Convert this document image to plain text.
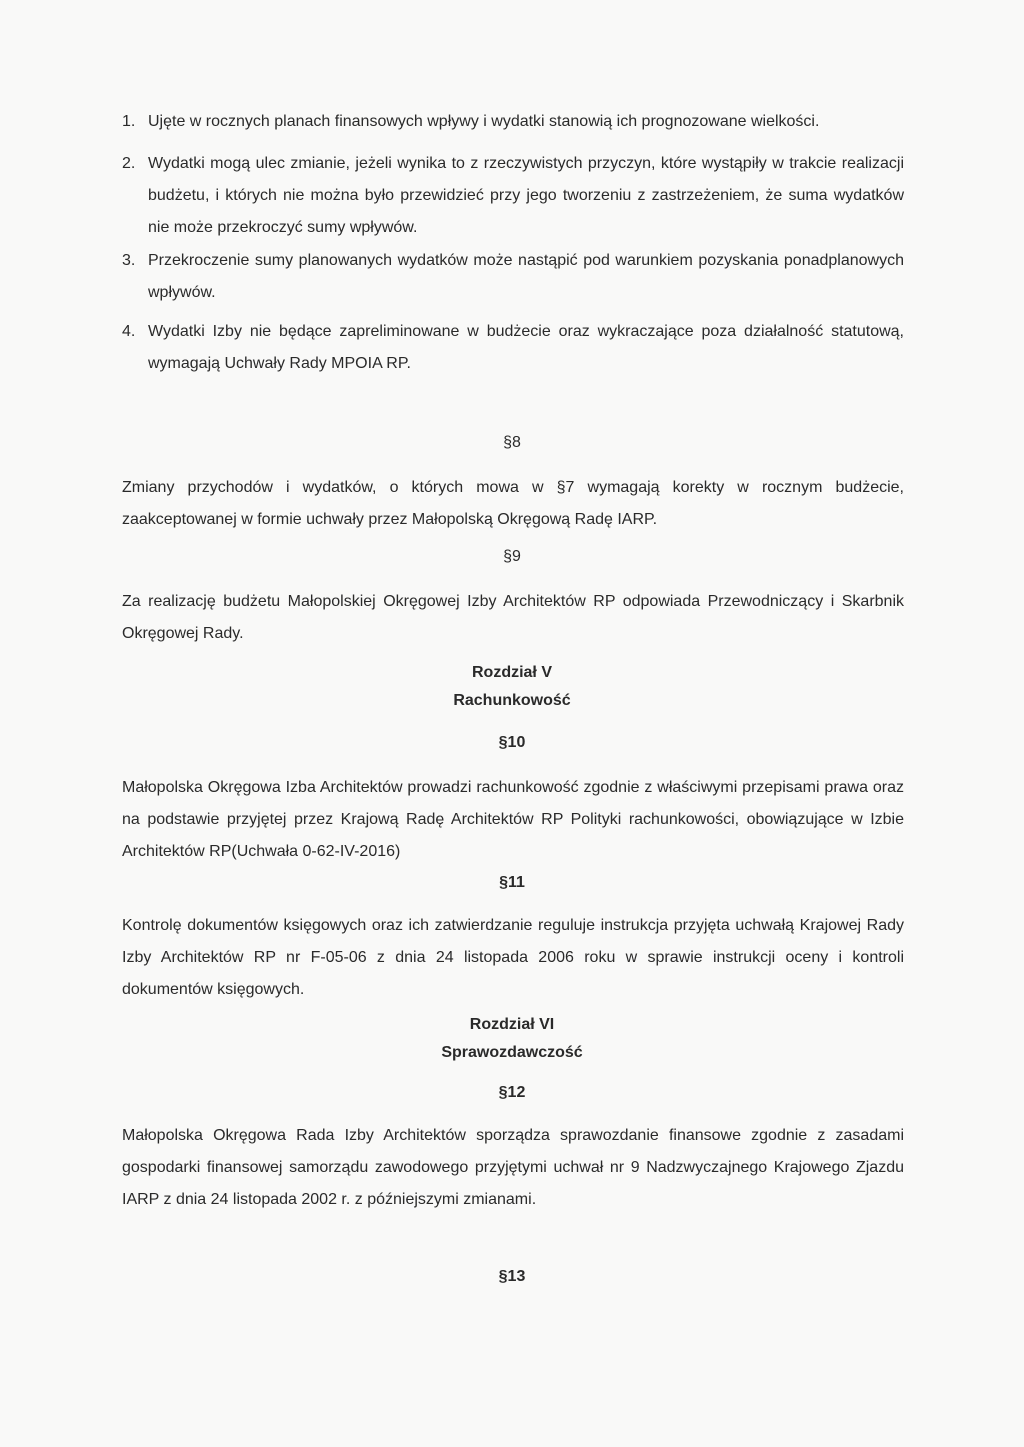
1. Ujęte w rocznych planach finansowych wpływy i wydatki stanowią ich prognozowane wielkości.
2. Wydatki mogą ulec zmianie, jeżeli wynika to z rzeczywistych przyczyn, które wystąpiły w trakcie realizacji budżetu, i których nie można było przewidzieć przy jego tworzeniu z zastrzeżeniem, że suma wydatków nie może przekroczyć sumy wpływów.
3. Przekroczenie sumy planowanych wydatków może nastąpić pod warunkiem pozyskania ponadplanowych wpływów.
4. Wydatki Izby nie będące zapreliminowane w budżecie oraz wykraczające poza działalność statutową, wymagają Uchwały Rady MPOIA RP.
§8
Zmiany przychodów i wydatków, o których mowa w §7 wymagają korekty w rocznym budżecie, zaakceptowanej w formie uchwały przez Małopolską Okręgową Radę IARP.
§9
Za realizację budżetu Małopolskiej Okręgowej Izby Architektów RP odpowiada Przewodniczący i Skarbnik Okręgowej Rady.
Rozdział V
Rachunkowość
§10
Małopolska Okręgowa Izba Architektów prowadzi rachunkowość zgodnie z właściwymi przepisami prawa oraz na podstawie przyjętej przez Krajową Radę Architektów RP Polityki rachunkowości, obowiązujące w Izbie Architektów RP(Uchwała 0-62-IV-2016)
§11
Kontrolę dokumentów księgowych oraz ich zatwierdzanie reguluje instrukcja przyjęta uchwałą Krajowej Rady Izby Architektów RP nr F-05-06 z dnia 24 listopada 2006 roku w sprawie instrukcji oceny i kontroli dokumentów księgowych.
Rozdział VI
Sprawozdawczość
§12
Małopolska Okręgowa Rada Izby Architektów sporządza sprawozdanie finansowe zgodnie z zasadami gospodarki finansowej samorządu zawodowego przyjętymi uchwał nr 9 Nadzwyczajnego Krajowego Zjazdu IARP z dnia 24 listopada 2002 r. z późniejszymi zmianami.
§13
